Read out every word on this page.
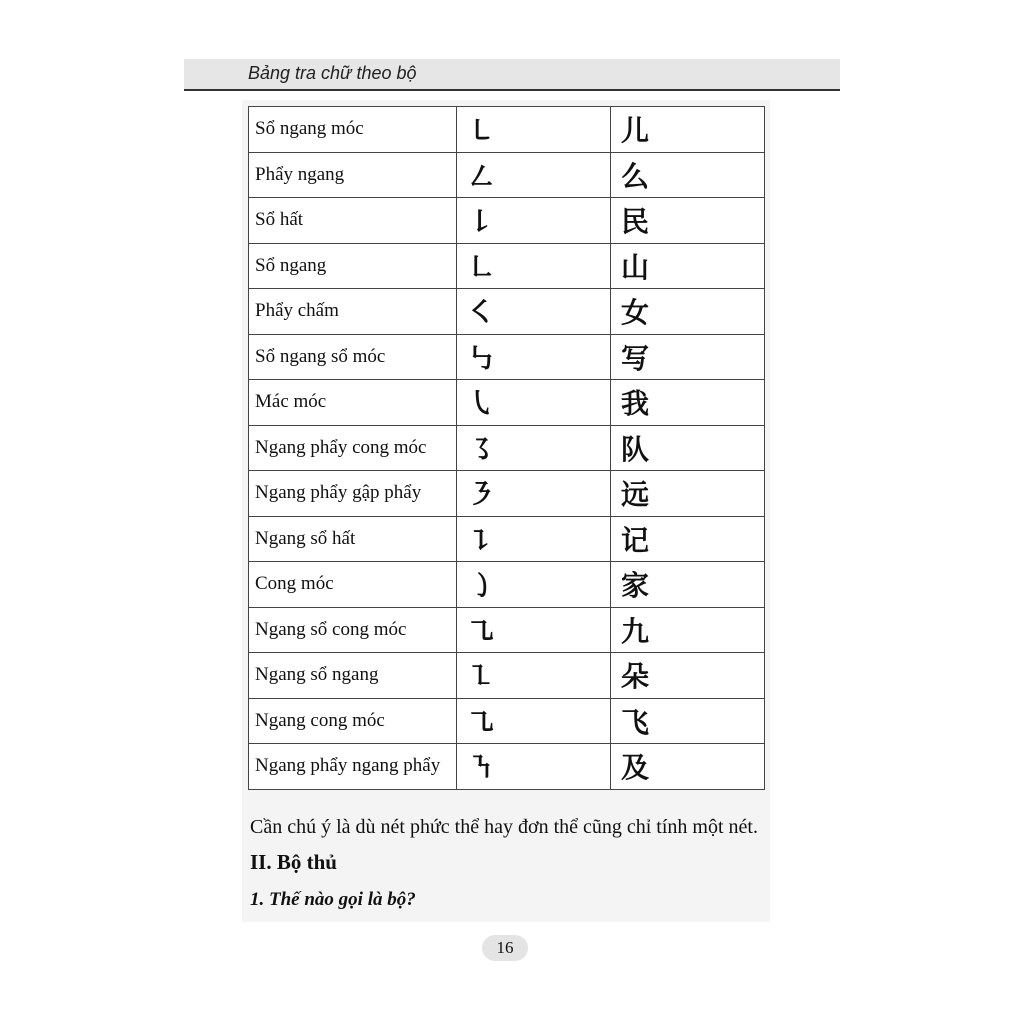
Bảng tra chữ theo bộ
Sổ ngang móc	㇄	儿
Phẩy ngang	㇜	么
Sổ hất	㇙	民
Sổ ngang	㇗	山
Phẩy chấm	㇛	女
Sổ ngang sổ móc	㇉	写
Mác móc	㇂	我
Ngang phẩy cong móc	㇌	队
Ngang phẩy gập phẩy	㇋	远
Ngang sổ hất	㇊	记
Cong móc	㇁	家
Ngang sổ cong móc	㇈	九
Ngang sổ ngang	㇅	朵
Ngang cong móc	㇈	飞
Ngang phẩy ngang phẩy	㇎	及
Cần chú ý là dù nét phức thể hay đơn thể cũng chỉ tính một nét.
II. Bộ thủ
1. Thế nào gọi là bộ?
16
